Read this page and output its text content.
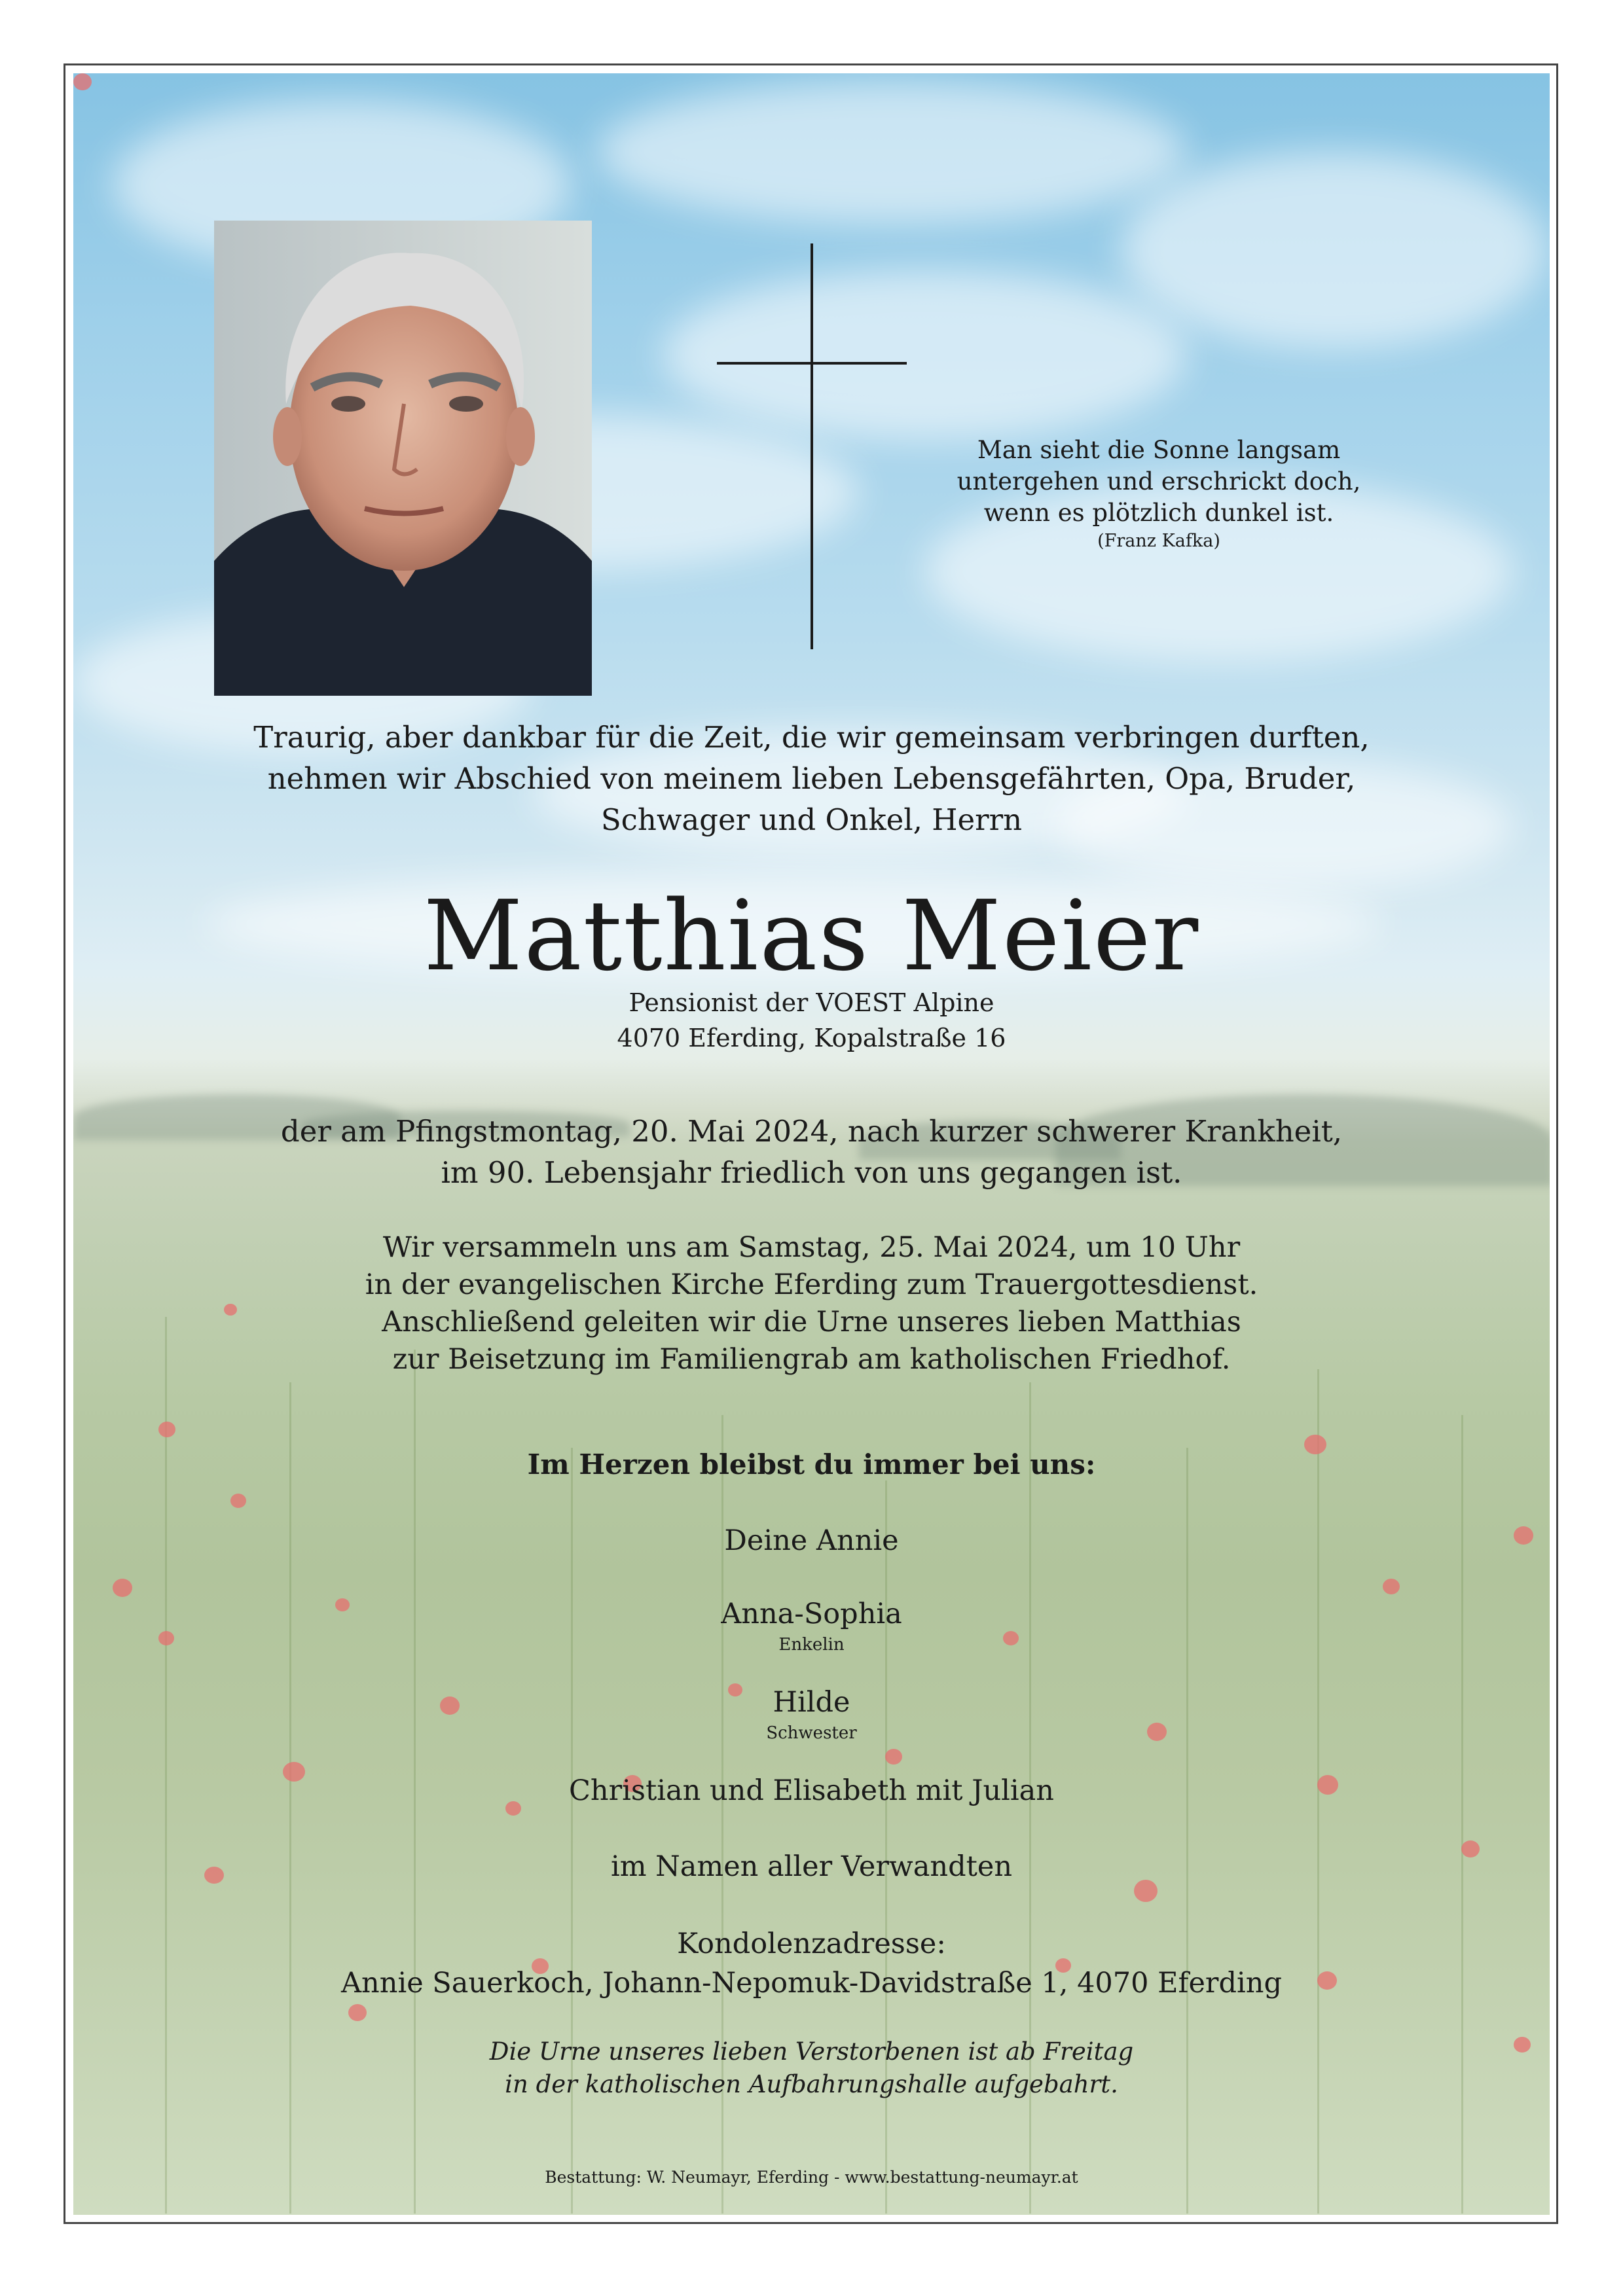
Man sieht die Sonne langsam
untergehen und erschrickt doch,
wenn es plötzlich dunkel ist.
(Franz Kafka)
Traurig, aber dankbar für die Zeit, die wir gemeinsam verbringen durften,
nehmen wir Abschied von meinem lieben Lebensgefährten, Opa, Bruder,
Schwager und Onkel, Herrn
Matthias Meier
Pensionist der VOEST Alpine
4070 Eferding, Kopalstraße 16
der am Pfingstmontag, 20. Mai 2024, nach kurzer schwerer Krankheit,
im 90. Lebensjahr friedlich von uns gegangen ist.
Wir versammeln uns am Samstag, 25. Mai 2024, um 10 Uhr
in der evangelischen Kirche Eferding zum Trauergottesdienst.
Anschließend geleiten wir die Urne unseres lieben Matthias
zur Beisetzung im Familiengrab am katholischen Friedhof.
Im Herzen bleibst du immer bei uns:
Deine Annie
Anna-Sophia
Enkelin
Hilde
Schwester
Christian und Elisabeth mit Julian
im Namen aller Verwandten
Kondolenzadresse:
Annie Sauerkoch, Johann-Nepomuk-Davidstraße 1, 4070 Eferding
Die Urne unseres lieben Verstorbenen ist ab Freitag
in der katholischen Aufbahrungshalle aufgebahrt.
Bestattung: W. Neumayr, Eferding - www.bestattung-neumayr.at
